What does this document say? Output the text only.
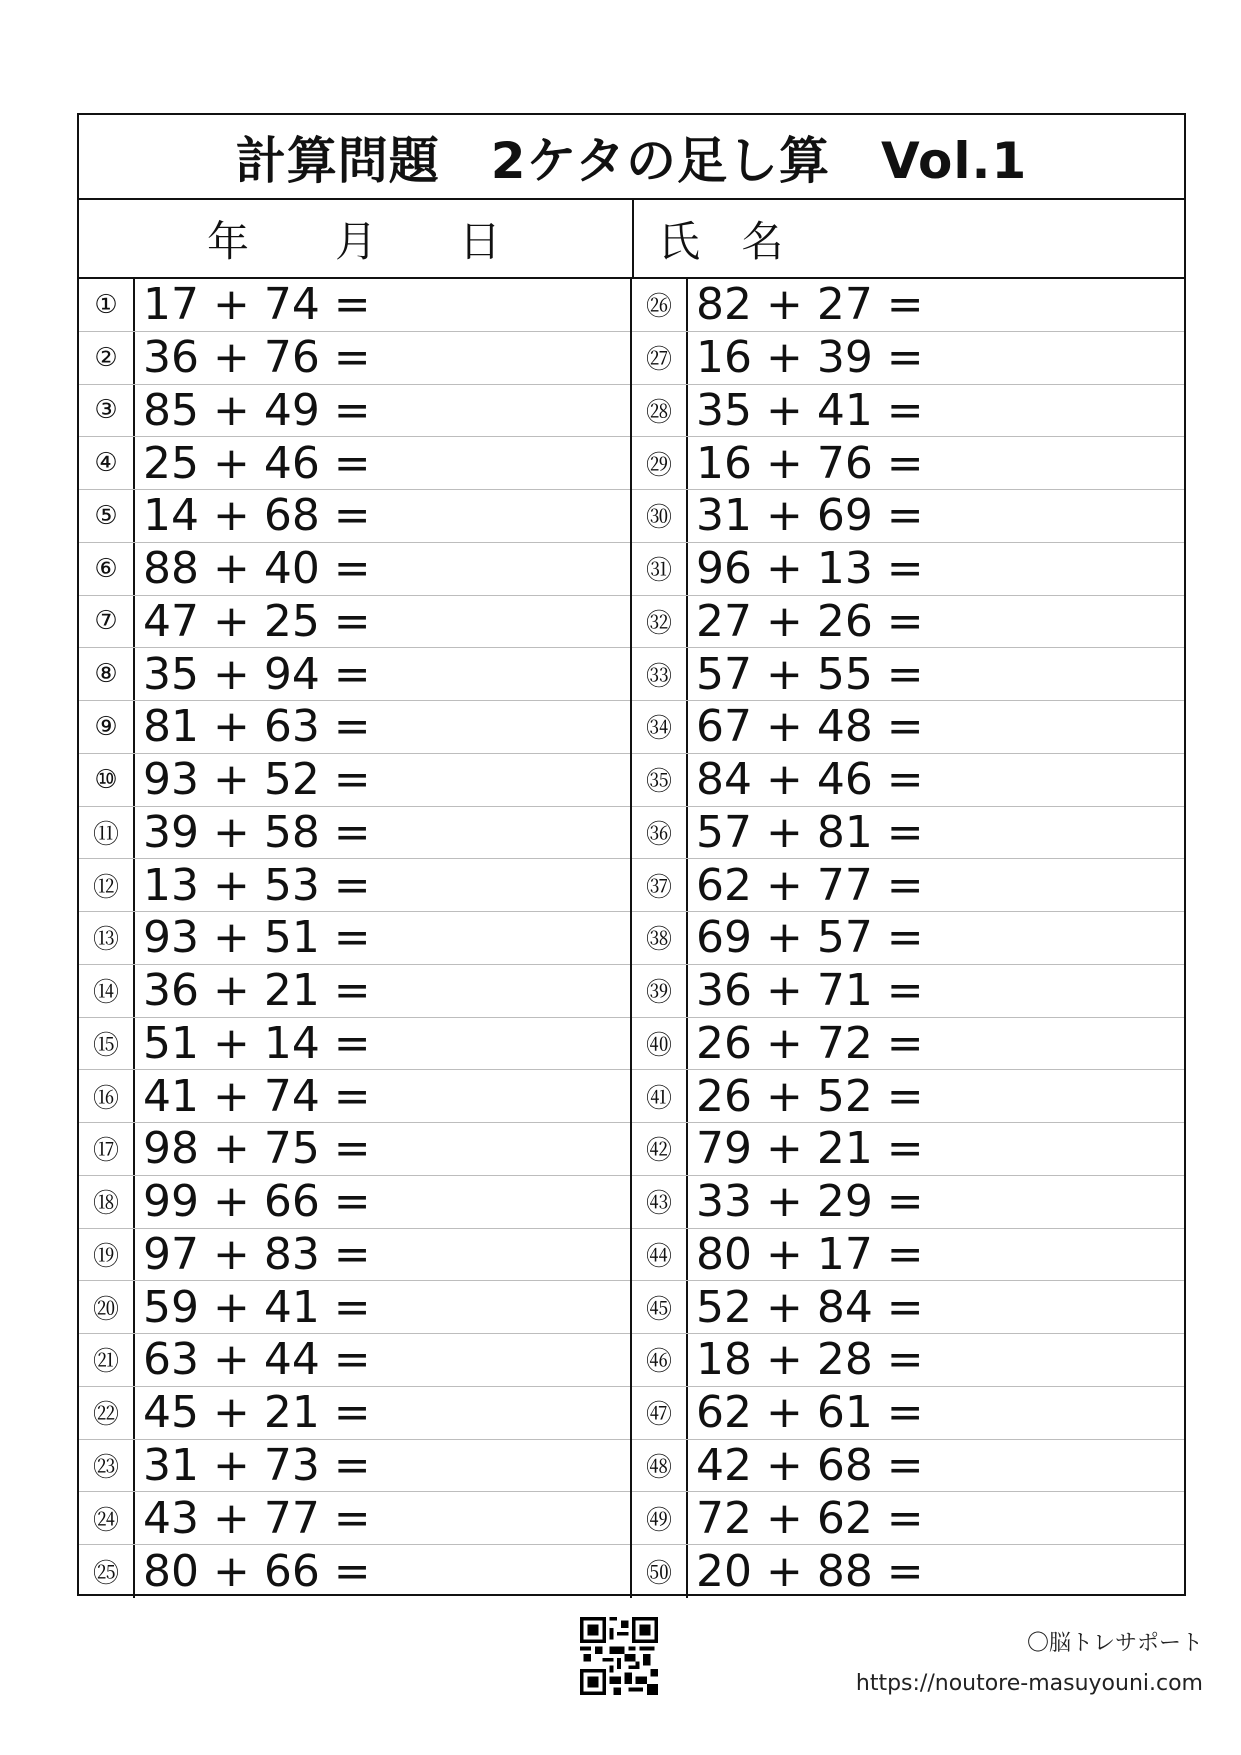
計算問題　2ケタの足し算　Vol.1
年 月 日	氏 名
① 17 + 74 =
② 36 + 76 =
③ 85 + 49 =
④ 25 + 46 =
⑤ 14 + 68 =
⑥ 88 + 40 =
⑦ 47 + 25 =
⑧ 35 + 94 =
⑨ 81 + 63 =
⑩ 93 + 52 =
⑪ 39 + 58 =
⑫ 13 + 53 =
⑬ 93 + 51 =
⑭ 36 + 21 =
⑮ 51 + 14 =
⑯ 41 + 74 =
⑰ 98 + 75 =
⑱ 99 + 66 =
⑲ 97 + 83 =
⑳ 59 + 41 =
㉑ 63 + 44 =
㉒ 45 + 21 =
㉓ 31 + 73 =
㉔ 43 + 77 =
㉕ 80 + 66 =
㉖ 82 + 27 =
㉗ 16 + 39 =
㉘ 35 + 41 =
㉙ 16 + 76 =
㉚ 31 + 69 =
㉛ 96 + 13 =
㉜ 27 + 26 =
㉝ 57 + 55 =
㉞ 67 + 48 =
㉟ 84 + 46 =
㊱ 57 + 81 =
㊲ 62 + 77 =
㊳ 69 + 57 =
㊴ 36 + 71 =
㊵ 26 + 72 =
㊶ 26 + 52 =
㊷ 79 + 21 =
㊸ 33 + 29 =
㊹ 80 + 17 =
㊺ 52 + 84 =
㊻ 18 + 28 =
㊼ 62 + 61 =
㊽ 42 + 68 =
㊾ 72 + 62 =
㊿ 20 + 88 =
〇脳トレサポート
https://noutore-masuyouni.com
